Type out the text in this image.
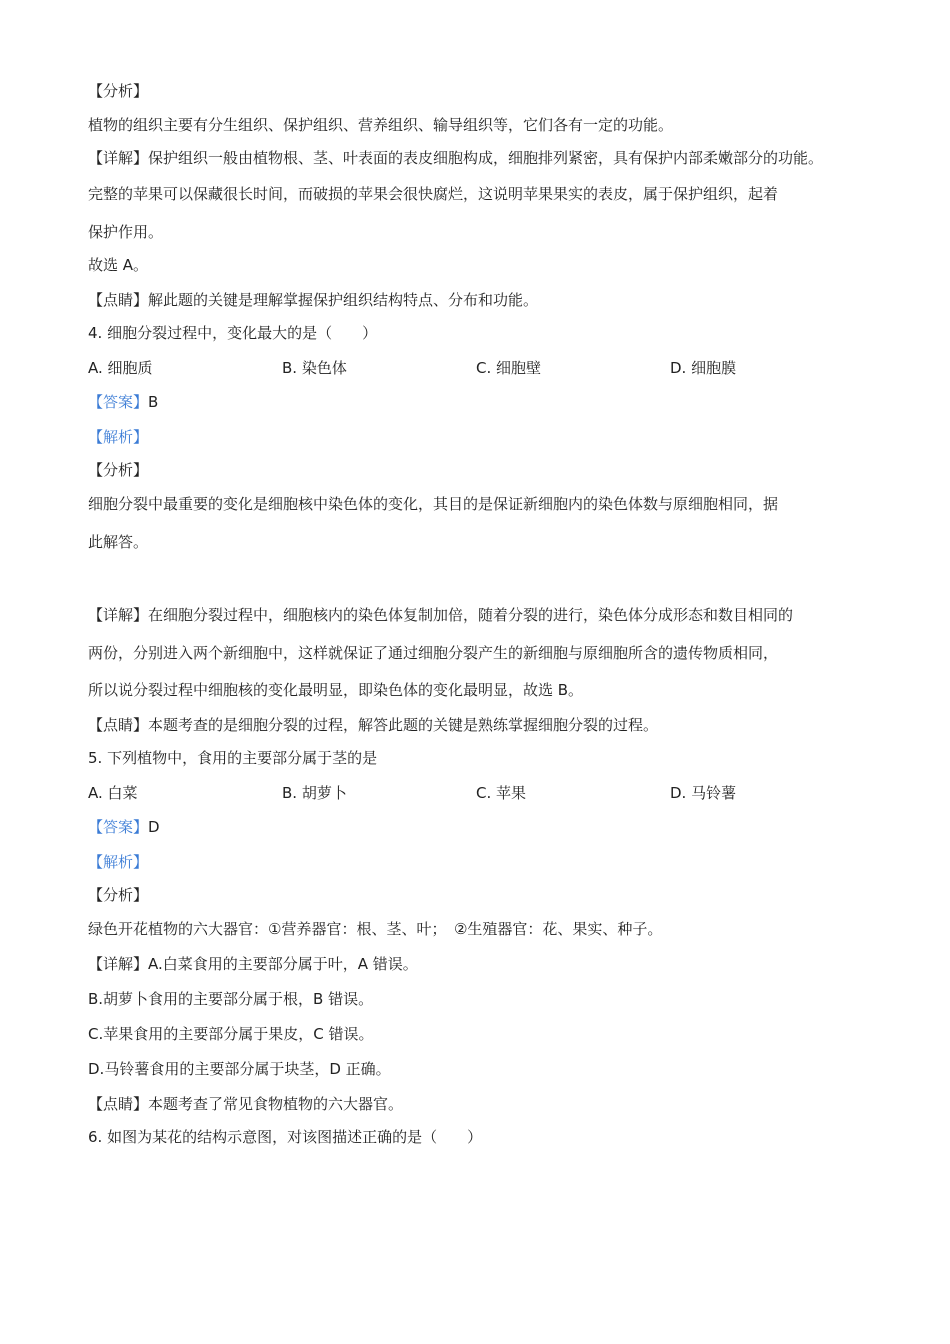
【分析】
植物的组织主要有分生组织、保护组织、营养组织、输导组织等，它们各有一定的功能。
【详解】保护组织一般由植物根、茎、叶表面的表皮细胞构成，细胞排列紧密，具有保护内部柔嫩部分的功能。
完整的苹果可以保藏很长时间，而破损的苹果会很快腐烂，这说明苹果果实的表皮，属于保护组织，起着
保护作用。
故选 A。
【点睛】解此题的关键是理解掌握保护组织结构特点、分布和功能。
4. 细胞分裂过程中，变化最大的是（　　）
A. 细胞质	B. 染色体	C. 细胞壁	D. 细胞膜
【答案】B
【解析】
【分析】
细胞分裂中最重要的变化是细胞核中染色体的变化，其目的是保证新细胞内的染色体数与原细胞相同，据
此解答。
【详解】在细胞分裂过程中，细胞核内的染色体复制加倍，随着分裂的进行，染色体分成形态和数目相同的
两份，分别进入两个新细胞中，这样就保证了通过细胞分裂产生的新细胞与原细胞所含的遗传物质相同，
所以说分裂过程中细胞核的变化最明显，即染色体的变化最明显，故选 B。
【点睛】本题考查的是细胞分裂的过程，解答此题的关键是熟练掌握细胞分裂的过程。
5. 下列植物中，食用的主要部分属于茎的是
A. 白菜	B. 胡萝卜	C. 苹果	D. 马铃薯
【答案】D
【解析】
【分析】
绿色开花植物的六大器官：①营养器官：根、茎、叶；　②生殖器官：花、果实、种子。
【详解】A.白菜食用的主要部分属于叶，A 错误。
B.胡萝卜食用的主要部分属于根，B 错误。
C.苹果食用的主要部分属于果皮，C 错误。
D.马铃薯食用的主要部分属于块茎，D 正确。
【点睛】本题考查了常见食物植物的六大器官。
6. 如图为某花的结构示意图，对该图描述正确的是（　　）
